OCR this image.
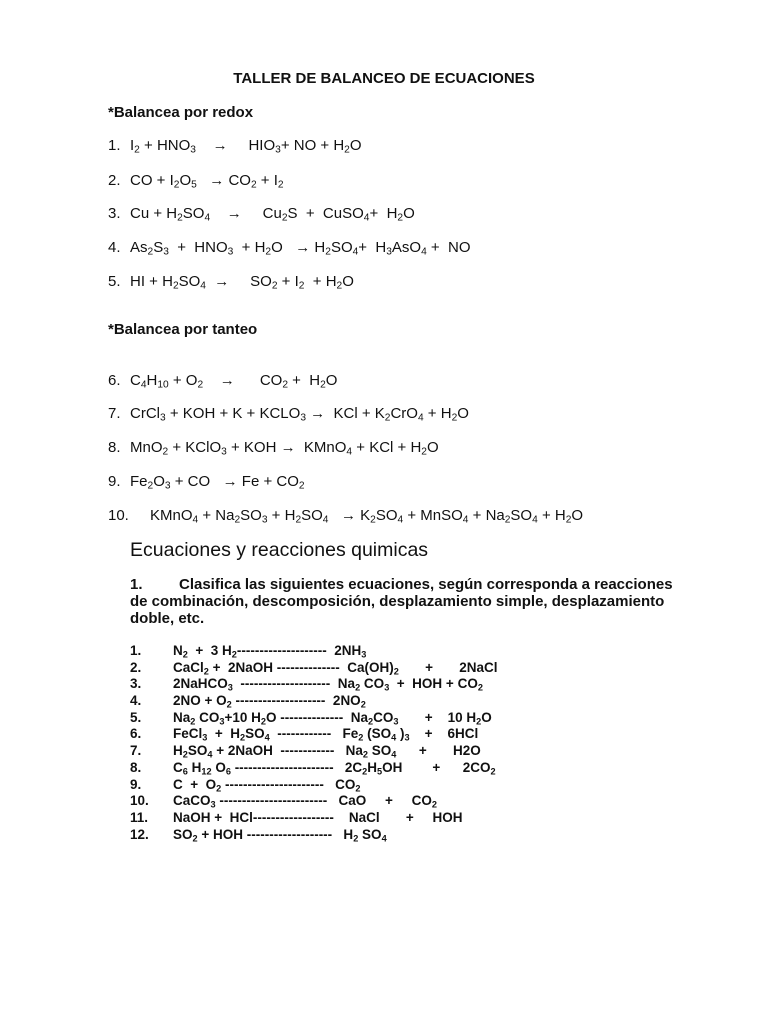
TALLER DE BALANCEO DE ECUACIONES
*Balancea por redox
1. $I_2 + HNO_3$    →     $HIO_3+$ NO + $H_2O$
2. CO + $I_2O_5 \to CO_2 + I_2$
3. $Cu + H_2SO_4$    →     $Cu_2S$  +  CuSO$_4$+  $H_2O$
4. $As_2S_3 + HNO_3 + H_2O \to H_2SO_4+ H_3AsO_4$ +  NO
5. HI + $H_2SO_4$  →     $SO_2 + I_2 + H_2O$
*Balancea por tanteo
6. $C_4H_{10} + O_2$    →      $CO_2 + H_2O$
7. CrCl$_3$ + KOH + $K + KCLO_3$ →  KCl + $K_2CrO_4 + H_2O$
8. MnO$_2$ + KClO$_3$ + KOH →  KMnO$_4$ + KCl + $H_2O$
9. $Fe_2O_3$ + CO   → $Fe + CO_2$
10. KMnO$_4$ + $Na_2SO_3 + H_2SO_4 \to K_2SO_4$ + MnSO$_4$ + $Na_2SO_4 + H_2O$
Ecuaciones y reacciones quimicas
1. Clasifica las siguientes ecuaciones, según corresponda a reacciones de combinación, descomposición, desplazamiento simple, desplazamiento doble, etc.
1. $N_2 + 3$ $H_2--------------------$  $2NH_3$
2. CaCl$_2$ +  2NaOH --------------  $Ca(OH)_2$       +       2NaCl
3. 2NaHCO$_3$  --------------------  $Na_2$ $CO_3$  +  HOH + $CO_2$
4. $2NO + O_2$ --------------------  $2NO_2$
5. $Na_2$ $CO_3+10$ $H_2O$ --------------  $Na_2CO_3$       +    10 $H_2O$
6. FeCl$_3$  +  $H_2SO_4$  ------------   $Fe_2$ ($SO_4$ )$_3$    +    6HCl
7. $H_2SO_4$ + 2NaOH  ------------   $Na_2$ $SO_4$      +       H2O
8. $C_6$ $H_{12}$ $O_6$ ----------------------   $2C_2H_5OH$        +      $2CO_2$
9. $C + O_2$ ----------------------   $CO_2$
10. CaCO$_3$ ------------------------   CaO     +     $CO_2$
11. NaOH +  HCl------------------    NaCl       +     HOH
12. $SO_2$ + HOH -------------------   $H_2$ $SO_4$
